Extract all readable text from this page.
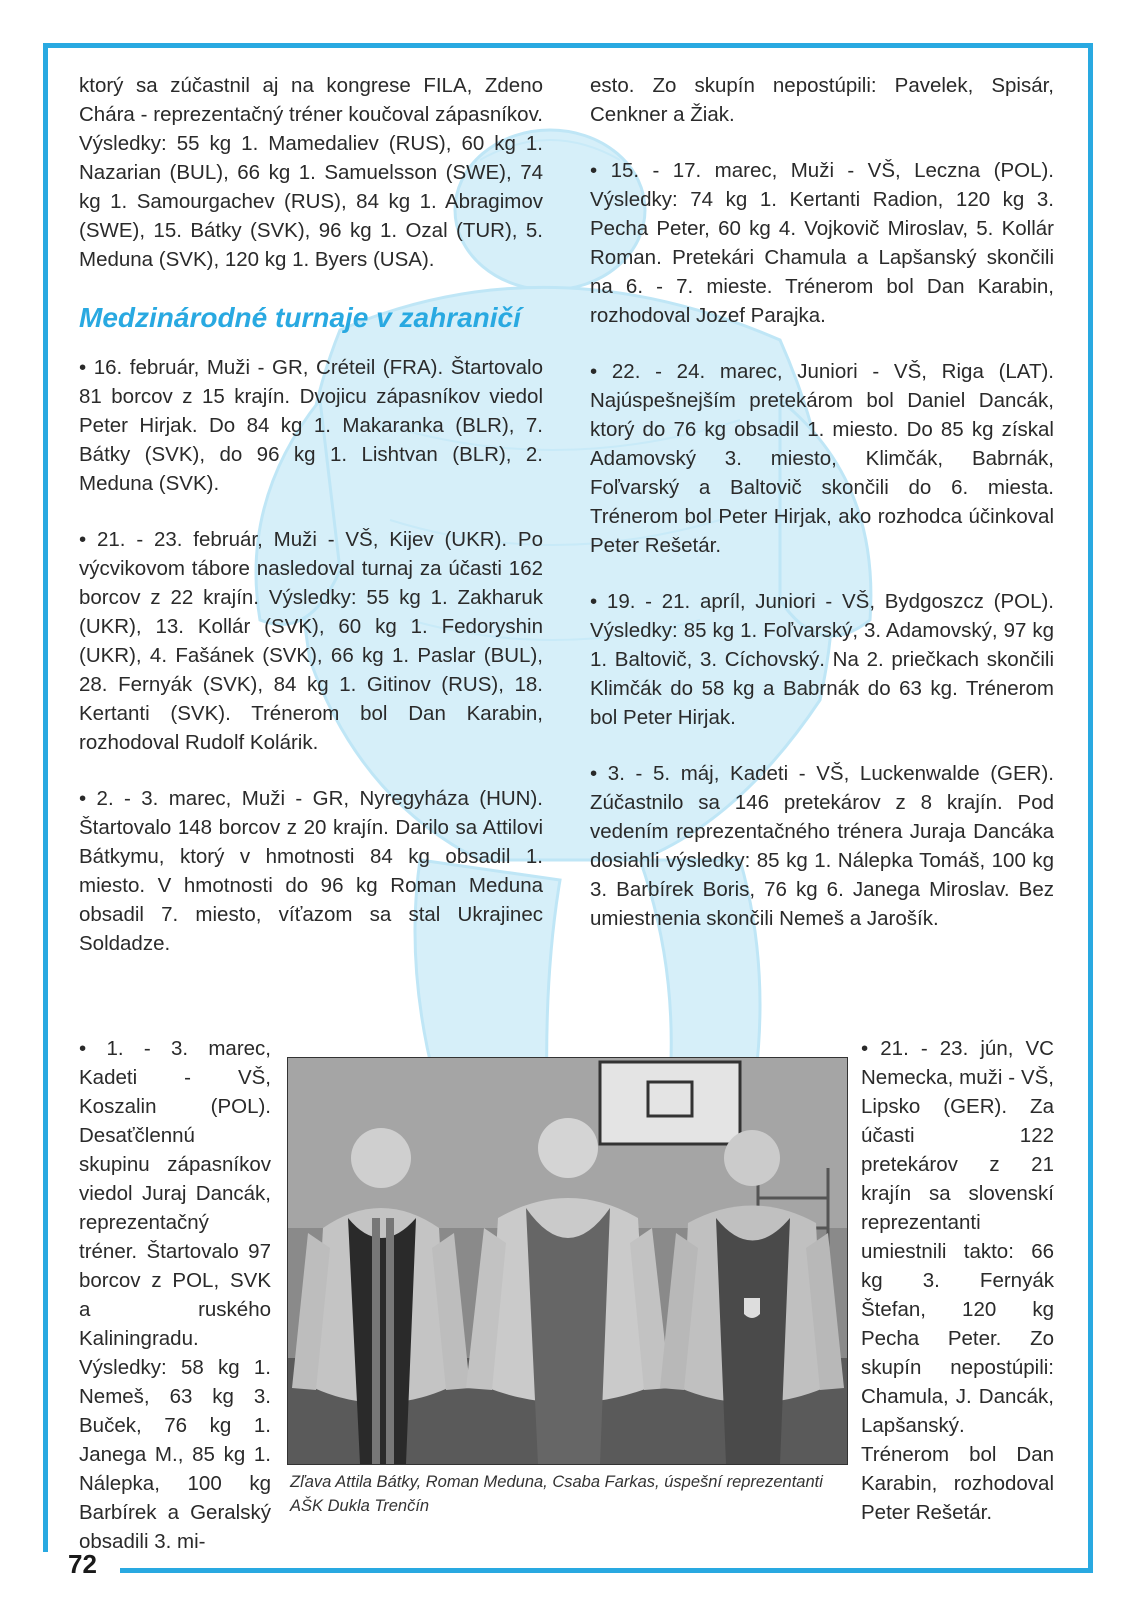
72

ktorý sa zúčastnil aj na kongrese FILA, Zdeno Chára - reprezentačný tréner koučoval zápasníkov. Výsledky: 55 kg 1. Mamedaliev (RUS), 60 kg 1. Nazarian (BUL), 66 kg 1. Samuelsson (SWE), 74 kg 1. Samourgachev (RUS), 84 kg 1. Abragimov (SWE), 15. Bátky (SVK), 96 kg 1. Ozal (TUR), 5. Meduna (SVK), 120 kg 1. Byers (USA).

Medzinárodné turnaje v zahraničí

• 16. február, Muži - GR, Créteil (FRA). Štartovalo 81 borcov z 15 krajín. Dvojicu zápasníkov viedol Peter Hirjak. Do 84 kg 1. Makaranka (BLR), 7. Bátky (SVK), do 96 kg 1. Lishtvan (BLR), 2. Meduna (SVK).

• 21. - 23. február, Muži - VŠ, Kijev (UKR). Po výcvikovom tábore nasledoval turnaj za účasti 162 borcov z 22 krajín. Výsledky: 55 kg 1. Zakharuk (UKR), 13. Kollár (SVK), 60 kg 1. Fedoryshin (UKR), 4. Fašánek (SVK), 66 kg 1. Paslar (BUL), 28. Fernyák (SVK), 84 kg 1. Gitinov (RUS), 18. Kertanti (SVK). Trénerom bol Dan Karabin, rozhodoval Rudolf Kolárik.

• 2. - 3. marec, Muži - GR, Nyregyháza (HUN). Štartovalo 148 borcov z 20 krajín. Darilo sa Attilovi Bátkymu, ktorý v hmotnosti 84 kg obsadil 1. miesto. V hmotnosti do 96 kg Roman Meduna obsadil 7. miesto, víťazom sa stal Ukrajinec Soldadze.

esto. Zo skupín nepostúpili: Pavelek, Spisár, Cenkner a Žiak.

• 15. - 17. marec, Muži - VŠ, Leczna (POL). Výsledky: 74 kg 1. Kertanti Radion, 120 kg 3. Pecha Peter, 60 kg 4. Vojkovič Miroslav, 5. Kollár Roman. Pretekári Chamula a Lapšanský skončili na 6. - 7. mieste. Trénerom bol Dan Karabin, rozhodoval Jozef Parajka.

• 22. - 24. marec, Juniori - VŠ, Riga (LAT). Najúspešnejším pretekárom bol Daniel Dancák, ktorý do 76 kg obsadil 1. miesto. Do 85 kg získal Adamovský 3. miesto, Klimčák, Babrnák, Foľvarský a Baltovič skončili do 6. miesta. Trénerom bol Peter Hirjak, ako rozhodca účinkoval Peter Rešetár.

• 19. - 21. apríl, Juniori - VŠ, Bydgoszcz (POL). Výsledky: 85 kg 1. Foľvarský, 3. Adamovský, 97 kg 1. Baltovič, 3. Cíchovský. Na 2. priečkach skončili Klimčák do 58 kg a Babrnák do 63 kg. Trénerom bol Peter Hirjak.

• 3. - 5. máj, Kadeti - VŠ, Luckenwalde (GER). Zúčastnilo sa 146 pretekárov z 8 krajín. Pod vedením reprezentačného trénera Juraja Dancáka dosiahli výsledky: 85 kg 1. Nálepka Tomáš, 100 kg 3. Barbírek Boris, 76 kg 6. Janega Miroslav. Bez umiestnenia skončili Nemeš a Jarošík.

• 1. - 3. marec, Kadeti - VŠ, Koszalin (POL). Desaťčlennú skupinu zápasníkov viedol Juraj Dancák, reprezentačný tréner. Štartovalo 97 borcov z POL, SVK a ruského Kaliningradu. Výsledky: 58 kg 1. Nemeš, 63 kg 3. Buček, 76 kg 1. Janega M., 85 kg 1. Nálepka, 100 kg Barbírek a Geralský obsadili 3. mi-

• 21. - 23. jún, VC Nemecka, muži - VŠ, Lipsko (GER). Za účasti 122 pretekárov z 21 krajín sa slovenskí reprezentanti umiestnili takto: 66 kg 3. Fernyák Štefan, 120 kg Pecha Peter. Zo skupín nepostúpili: Chamula, J. Dancák, Lapšanský. Trénerom bol Dan Karabin, rozhodoval Peter Rešetár.

Zľava Attila Bátky, Roman Meduna, Csaba Farkas, úspešní reprezentanti AŠK Dukla Trenčín
